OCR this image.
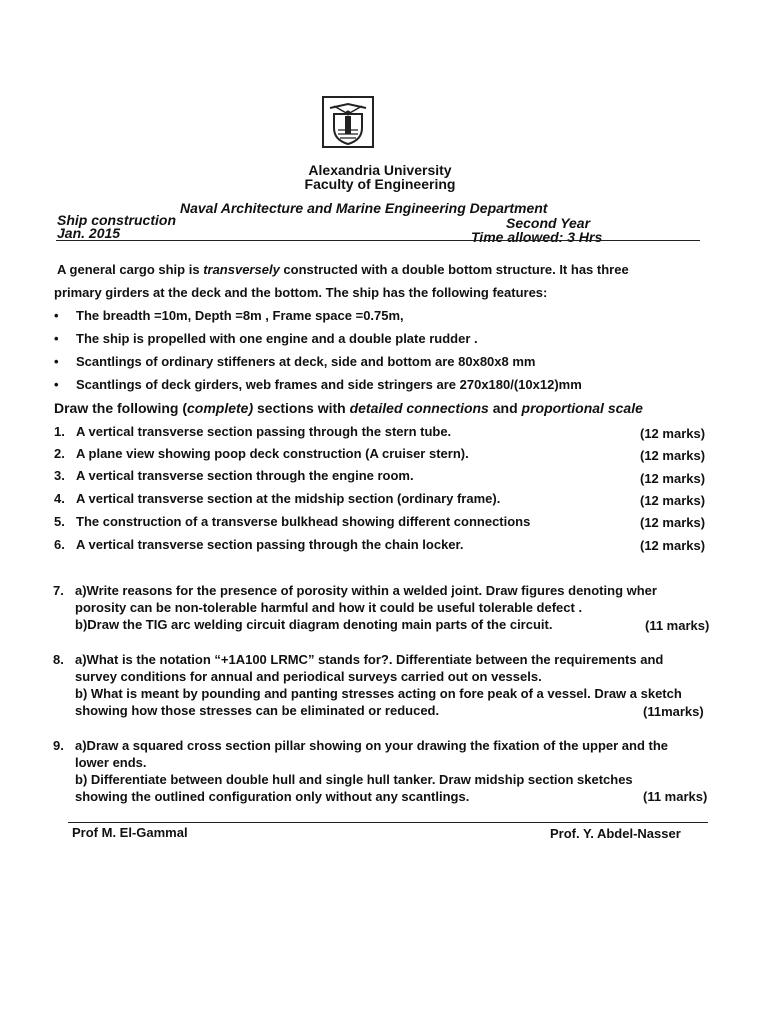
Alexandria University
Faculty of Engineering
Naval Architecture and Marine Engineering Department
Ship construction	Second Year
Jan. 2015	Time allowed: 3 Hrs
A general cargo ship is transversely constructed with a double bottom structure. It has three
primary girders at the deck and the bottom. The ship has the following features:
• The breadth =10m, Depth =8m , Frame space =0.75m,
• The ship is propelled with one engine and a double plate rudder .
• Scantlings of ordinary stiffeners at deck, side and bottom are 80x80x8 mm
• Scantlings of deck girders, web frames and side stringers are 270x180/(10x12)mm
Draw the following (complete) sections with detailed connections and proportional scale
1. A vertical transverse section passing through the stern tube.	(12 marks)
2. A plane view showing poop deck construction (A cruiser stern).	(12 marks)
3. A vertical transverse section through the engine room.	(12 marks)
4. A vertical transverse section at the midship section (ordinary frame).	(12 marks)
5. The construction of a transverse bulkhead showing different connections	(12 marks)
6. A vertical transverse section passing through the chain locker.	(12 marks)
7. a)Write reasons for the presence of porosity within a welded joint. Draw figures denoting wher
porosity can be non-tolerable harmful and how it could be useful tolerable defect .
b)Draw the TIG arc welding circuit diagram denoting main parts of the circuit.	(11 marks)
8. a)What is the notation “+1A100 LRMC” stands for?. Differentiate between the requirements and
survey conditions for annual and periodical surveys carried out on vessels.
b) What is meant by pounding and panting stresses acting on fore peak of a vessel. Draw a sketch
showing how those stresses can be eliminated or reduced.	(11marks)
9. a)Draw a squared cross section pillar showing on your drawing the fixation of the upper and the
lower ends.
b) Differentiate between double hull and single hull tanker. Draw midship section sketches
showing the outlined configuration only without any scantlings.	(11 marks)
Prof M. El-Gammal	Prof. Y. Abdel-Nasser
